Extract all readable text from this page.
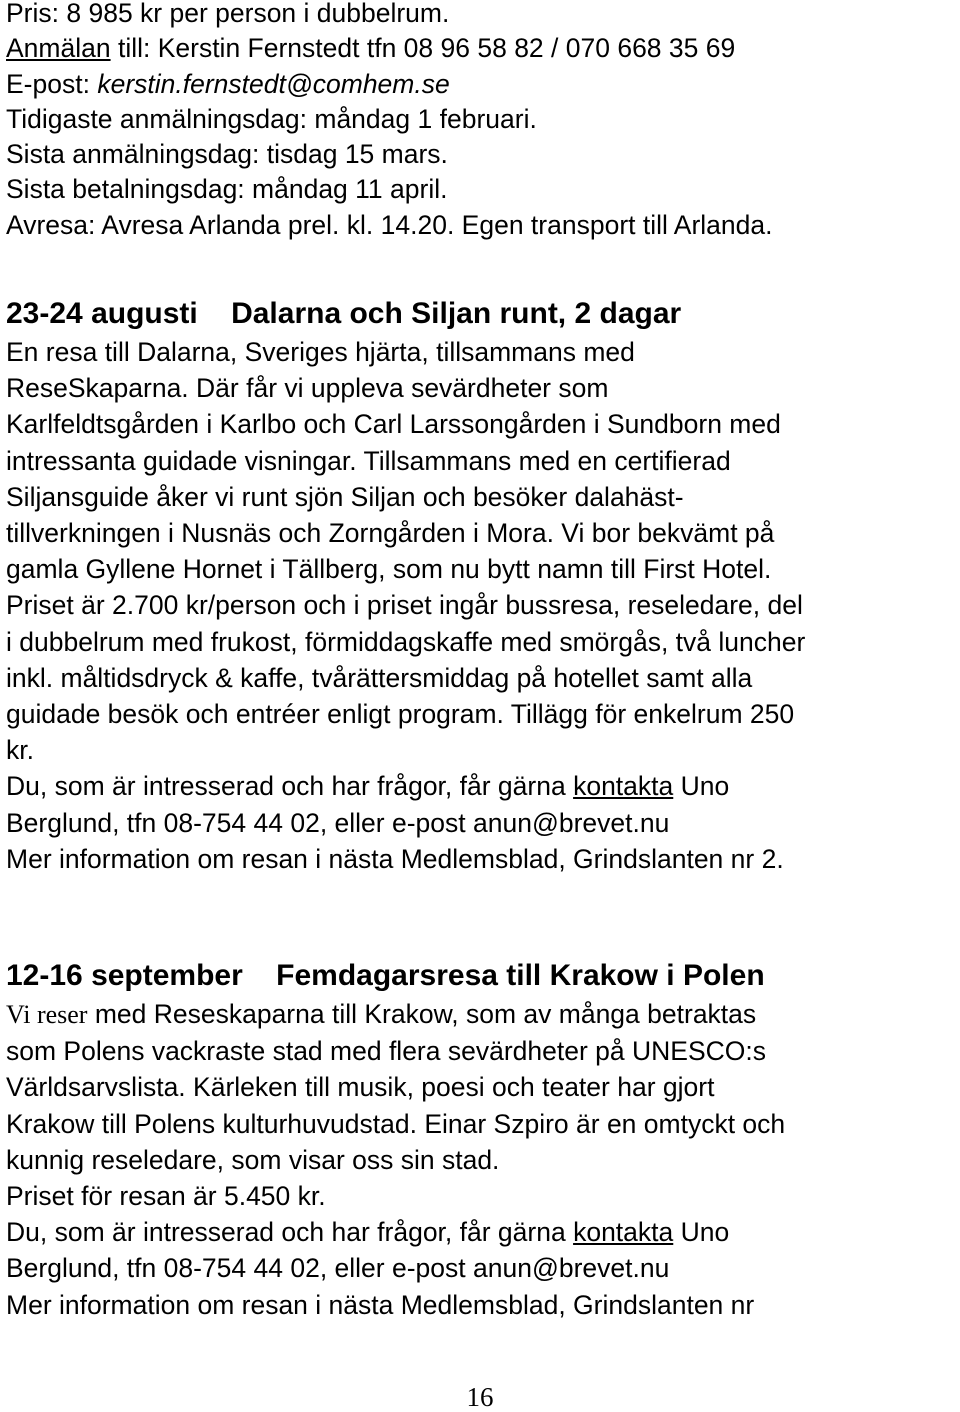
Pris: 8 985 kr per person i dubbelrum.

Anmälan till: Kerstin Fernstedt tfn 08 96 58 82 / 070 668 35 69

E-post: kerstin.fernstedt@comhem.se

Tidigaste anmälningsdag: måndag 1 februari.

Sista anmälningsdag: tisdag 15 mars.

Sista betalningsdag: måndag 11 april.

Avresa: Avresa Arlanda prel. kl. 14.20. Egen transport till Arlanda.

23-24 augusti Dalarna och Siljan runt, 2 dagar

En resa till Dalarna, Sveriges hjärta, tillsammans med

ReseSkaparna. Där får vi uppleva sevärdheter som

Karlfeldtsgården i Karlbo och Carl Larssongården i Sundborn med

intressanta guidade visningar. Tillsammans med en certifierad

Siljansguide åker vi runt sjön Siljan och besöker dalahäst-

tillverkningen i Nusnäs och Zorngården i Mora. Vi bor bekvämt på

gamla Gyllene Hornet i Tällberg, som nu bytt namn till First Hotel.

Priset är 2.700 kr/person och i priset ingår bussresa, reseledare, del

i dubbelrum med frukost, förmiddagskaffe med smörgås, två luncher

inkl. måltidsdryck & kaffe, tvårättersmiddag på hotellet samt alla

guidade besök och entréer enligt program. Tillägg för enkelrum 250

kr.

Du, som är intresserad och har frågor, får gärna kontakta Uno

Berglund, tfn 08-754 44 02, eller e-post anun@brevet.nu

Mer information om resan i nästa Medlemsblad, Grindslanten nr 2.

12-16 september Femdagarsresa till Krakow i Polen

Vi reser med Reseskaparna till Krakow, som av många betraktas

som Polens vackraste stad med flera sevärdheter på UNESCO:s

Världsarvslista. Kärleken till musik, poesi och teater har gjort

Krakow till Polens kulturhuvudstad. Einar Szpiro är en omtyckt och

kunnig reseledare, som visar oss sin stad.

Priset för resan är 5.450 kr.

Du, som är intresserad och har frågor, får gärna kontakta Uno

Berglund, tfn 08-754 44 02, eller e-post anun@brevet.nu

Mer information om resan i nästa Medlemsblad, Grindslanten nr

16
